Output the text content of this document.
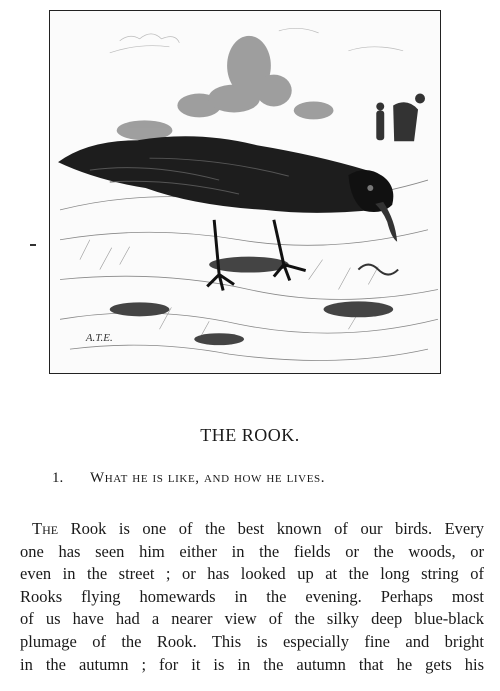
A.T.E.
THE ROOK.
1. What he is like, and how he lives.
The Rook is one of the best known of our birds. Every
one has seen him either in the fields or the woods, or
even in the street ; or has looked up at the long string of
Rooks flying homewards in the evening. Perhaps most
of us have had a nearer view of the silky deep blue-black
plumage of the Rook. This is especially fine and bright
in the autumn ; for it is in the autumn that he gets his
